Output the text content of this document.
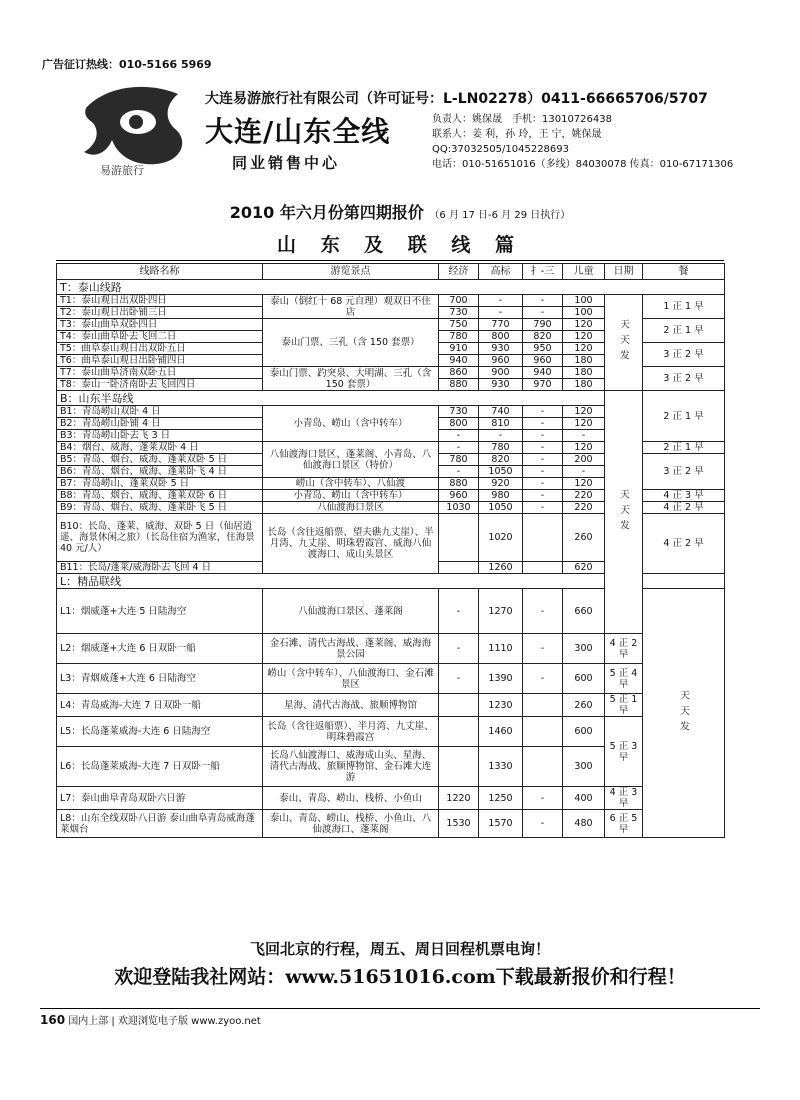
广告征订热线：010-5166 5969
易游旅行
大连易游旅行社有限公司（许可证号：L-LN02278）0411-66665706/5707
大连/山东全线
同业销售中心
负责人：姚保晟　手机：13010726438
联系人：姜 利，孙 玲，王 宁，姚保晟
QQ:37032505/1045228693
电话：010-51651016（多线）84030078 传真：010-67171306
2010 年六月份第四期报价 （6 月 17 日-6 月 29 日执行）
山 东 及 联 线 篇
线路名称	游览景点	经济	高标	扌-三	儿童	日期	餐	
T：泰山线路								
T1：泰山观日出双卧四日	泰山（倒红十 68 元自理）观双日不住店	700	-	-	100	天天发	1 正 1 早	
T2：泰山观日出卧铺三日		730	-	-	100			
T3：泰山曲阜双卧四日	泰山门票、三孔（含 150 套票）	750	770	790	120		2 正 1 早	
T4：泰山曲阜卧去飞回二日		780	800	820	120			
T5：曲阜泰山观日出双卧五日		910	930	950	120		3 正 2 早	
T6：曲阜泰山观日出卧铺四日		940	960	960	180			
T7：泰山曲阜济南双卧五日	泰山门票、趵突泉、大明湖、三孔（含 150 套票）	860	900	940	180		3 正 2 早	
T8：泰山一卧济南卧去飞回四日		880	930	970	180			
B：山东半岛线						天天发	2 正 1 早	
B1：青岛崂山双卧 4 日	小青岛、崂山（含中转车）	730	740	-	120			
B2：青岛崂山卧铺 4 日		800	810	-	120			
B3：青岛崂山卧去飞 3 日		-	-	-	-			
B4：烟台、威海、蓬莱双卧 4 日	八仙渡海口景区、蓬莱阁、小青岛、八仙渡海口景区（特价）	-	780	-	120		2 正 1 早	
B5：青岛、烟台、威海、蓬莱双卧 5 日		780	820	-	200		3 正 2 早	
B6：青岛、烟台、威海、蓬莱卧飞 4 日		-	1050	-	-			
B7：青岛崂山、蓬莱双卧 5 日	崂山（含中转车）、八仙渡	880	920	-	120			
B8：青岛、烟台、威海、蓬莱双卧 6 日	小青岛、崂山（含中转车）	960	980	-	220		4 正 3 早	
B9：青岛、烟台、威海、蓬莱卧飞 5 日	八仙渡海口景区	1030	1050	-	220		4 正 2 早	
B10：长岛、蓬莱、威海、双卧 5 日（仙居逍遥、海景休闲之旅）（长岛住宿为渔家，住海景 40 元/人）	长岛（含往返船票、望夫礁九丈崖）、半月湾、九丈崖、明珠碧霞宫、威海八仙渡海口、成山头景区		1020		260		4 正 2 早	
B11：长岛/蓬莱/威海卧去飞回 4 日			1260		620			
L：精品联线								
L1：烟威蓬+大连 5 日陆海空	八仙渡海口景区、蓬莱阁	-	1270	-	660		天天发	
L2：烟威蓬+大连 6 日双卧一船	金石滩、清代古海战、蓬莱阁、威海海景公园	-	1110	-	300	4 正 2 早		
L3：青烟威蓬+大连 6 日陆海空	崂山（含中转车）、八仙渡海口、金石滩景区	-	1390	-	600	5 正 4 早		
L4：青岛威海-大连 7 日双卧一船	星海、清代古海战、旅顺博物馆		1230		260	5 正 1 早		
L5：长岛蓬莱威海-大连 6 日陆海空	长岛（含往返船票）、半月湾、九丈崖、明珠碧霞宫		1460		600	5 正 3 早		
L6：长岛蓬莱威海-大连 7 日双卧一船	长岛八仙渡海口、威海成山头、星海、清代古海战、旅顺博物馆、金石滩大连游		1330		300			
L7：泰山曲阜青岛双卧六日游	泰山、青岛、崂山、栈桥、小鱼山	1220	1250	-	400	4 正 3 早		
L8：山东全线双卧八日游 泰山曲阜青岛威海蓬莱烟台	泰山、青岛、崂山、栈桥、小鱼山、八仙渡海口、蓬莱阁	1530	1570	-	480	6 正 5 早		
飞回北京的行程，周五、周日回程机票电询！
欢迎登陆我社网站：www.51651016.com下载最新报价和行程！
160 国内上部 | 欢迎浏览电子版 www.zyoo.net
